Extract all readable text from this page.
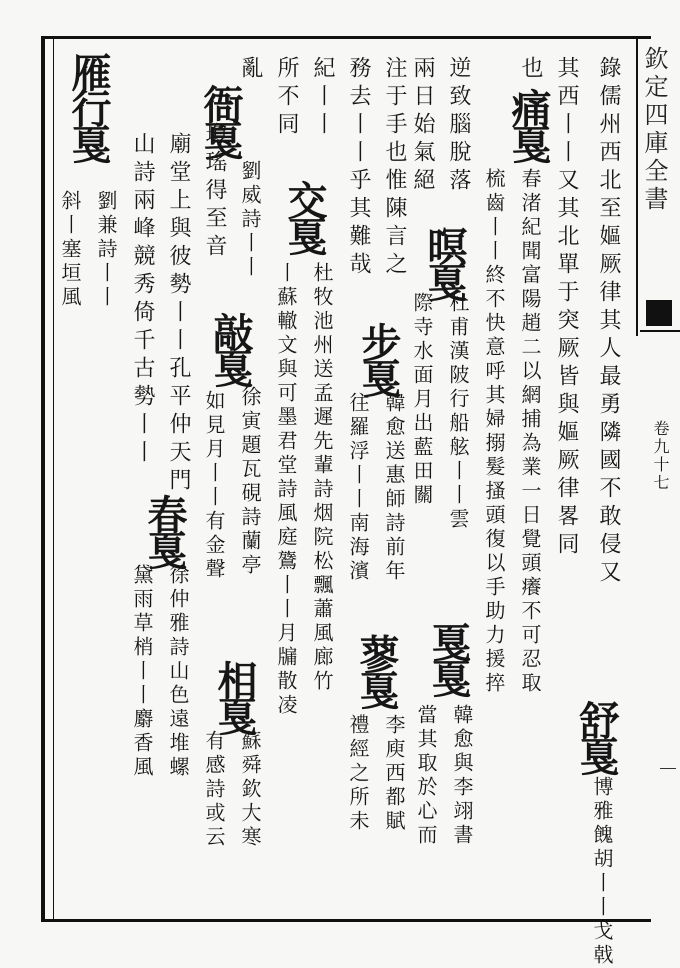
欽定四庫全書
卷九十七
錄儒州西北至嫗厥律其人最勇隣國不敢侵又
其西丨丨又其北單于突厥皆與嫗厥律畧同
舒戛
博雅餽胡丨丨戈戟
也
痛戛
春渚紀聞富陽趙二以網捕為業一日覺頭癢不可忍取
梳齒丨丨終不快意呼其婦搦髮搔頭復以手助力援捽
逆致腦脫落
兩日始氣絕
暝戛
杜甫漢陂行船舷丨丨雲
際寺水面月出藍田關
戛戛
韓愈與李翊書
當其取於心而
注于手也惟陳言之
務去丨丨乎其難哉
步戛
韓愈送惠師詩前年
往羅浮丨丨南海濱
蓼戛
李庾西都賦
禮經之所未
紀丨丨
所不同
交戛
杜牧池州送孟遲先輩詩烟院松飄蕭風廊竹
丨蘇轍文與可墨君堂詩風庭鷟丨丨月牖散凌
亂
瓊瑤得至音
衙戛
劉威詩丨丨
敲戛
徐寅題瓦硯詩蘭亭
如見月丨丨有金聲
相戛
蘇舜欽大寒
有感詩或云
廟堂上與彼勢丨丨孔平仲天門
山詩兩峰競秀倚千古勢丨丨
春戛
徐仲雅詩山色遠堆螺
黛雨草梢丨丨麝香風
雁行戛
劉兼詩丨丨
斜丨塞垣風
